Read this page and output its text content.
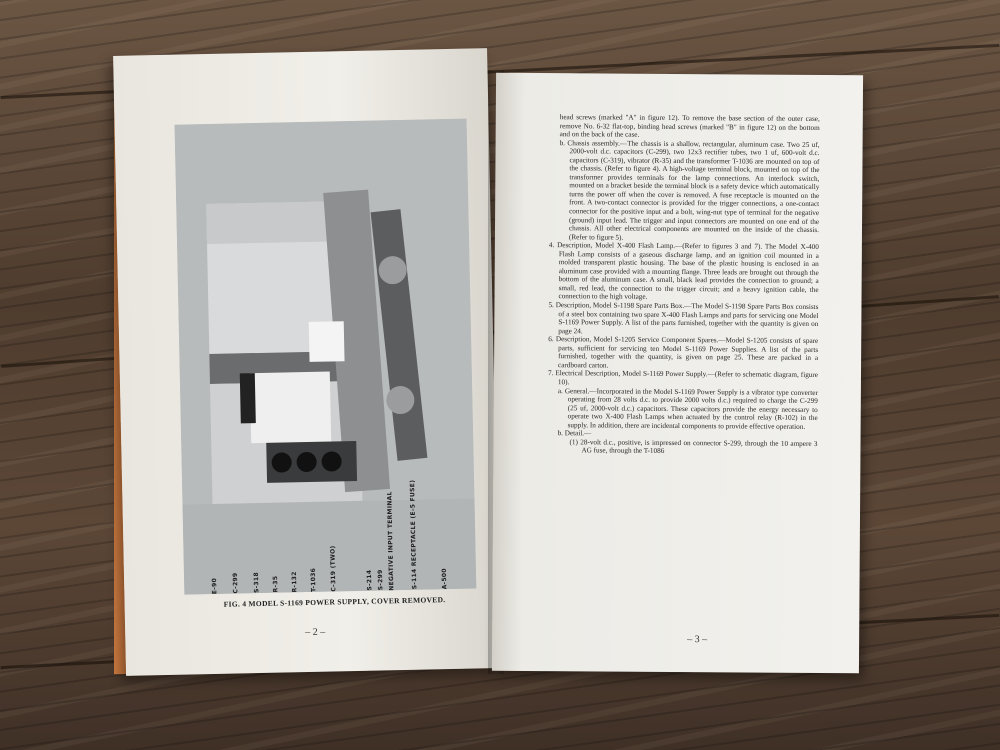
E-90 C-299 S-318 R-35 R-132 T-1036 C-319 (TWO)	S-214 S-299 NEGATIVE INPUT TERMINAL	S-114 RECEPTACLE (E-5 FUSE)	A-500
FIG. 4 MODEL S-1169 POWER SUPPLY, COVER REMOVED.
– 2 –

head screws (marked "A" in figure 12). To remove the base section of the outer case, remove No. 6-32 flat-top, binding head screws (marked "B" in figure 12) on the bottom and on the back of the case.

b. Chassis assembly.—The chassis is a shallow, rectangular, aluminum case. Two 25 uf, 2000-volt d.c. capacitors (C-299), two 12x3 rectifier tubes, two 1 uf, 600-volt d.c. capacitors (C-319), vibrator (R-35) and the transformer T-1036 are mounted on top of the chassis. (Refer to figure 4). A high-voltage terminal block, mounted on top of the transformer provides terminals for the lamp connections. An interlock switch, mounted on a bracket beside the terminal block is a safety device which automatically turns the power off when the cover is removed. A fuse receptacle is mounted on the front. A two-contact connector is provided for the trigger connections, a one-contact connector for the positive input and a bolt, wing-nut type of terminal for the negative (ground) input lead. The trigger and input connectors are mounted on one end of the chassis. All other electrical components are mounted on the inside of the chassis. (Refer to figure 5).

4. Description, Model X-400 Flash Lamp.—(Refer to figures 3 and 7). The Model X-400 Flash Lamp consists of a gaseous discharge lamp, and an ignition coil mounted in a molded transparent plastic housing. The base of the plastic housing is enclosed in an aluminum case provided with a mounting flange. Three leads are brought out through the bottom of the aluminum case. A small, black lead provides the connection to ground; a small, red lead, the connection to the trigger circuit; and a heavy ignition cable, the connection to the high voltage.

5. Description, Model S-1198 Spare Parts Box.—The Model S-1198 Spare Parts Box consists of a steel box containing two spare X-400 Flash Lamps and parts for servicing one Model S-1169 Power Supply. A list of the parts furnished, together with the quantity is given on page 24.

6. Description, Model S-1205 Service Component Spares.—Model S-1205 consists of spare parts, sufficient for servicing ten Model S-1169 Power Supplies. A list of the parts furnished, together with the quantity, is given on page 25. These are packed in a cardboard carton.

7. Electrical Description, Model S-1169 Power Supply.—(Refer to schematic diagram, figure 10).

a. General.—Incorporated in the Model S-1169 Power Supply is a vibrator type converter operating from 28 volts d.c. to provide 2000 volts d.c.) required to charge the C-299 (25 uf, 2000-volt d.c.) capacitors. These capacitors provide the energy necessary to operate two X-400 Flash Lamps when actuated by the control relay (R-102) in the supply. In addition, there are incidental components to provide effective operation.

b. Detail.—

(1) 28-volt d.c., positive, is impressed on connector S-299, through the 10 ampere 3 AG fuse, through the T-1086

– 3 –
